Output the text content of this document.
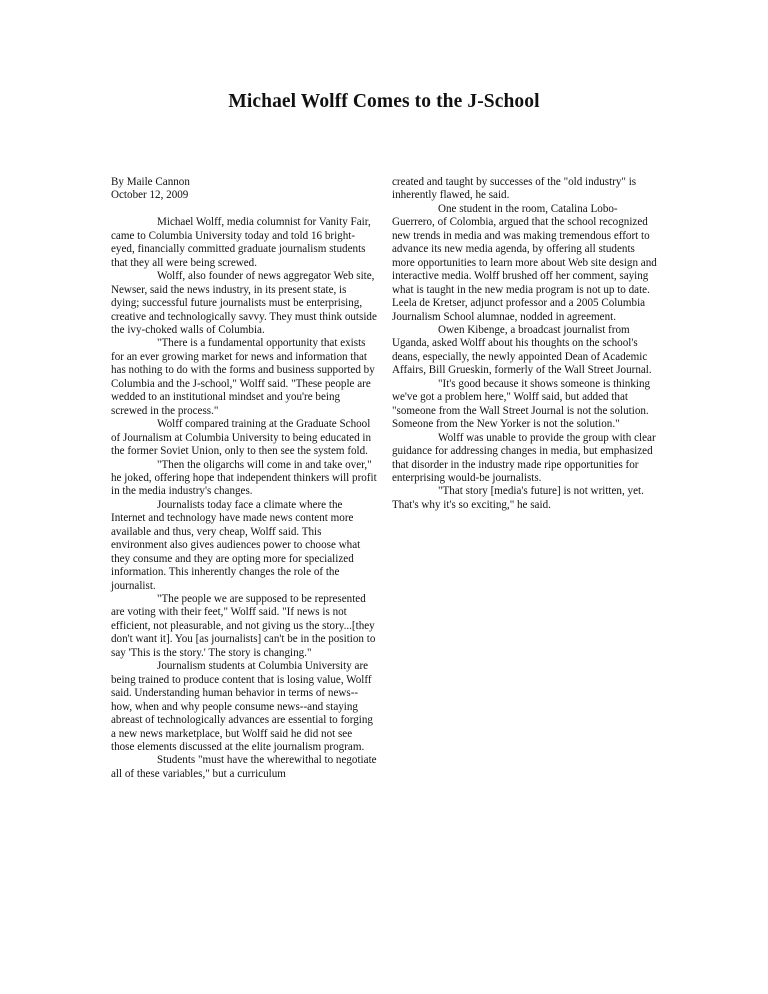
Michael Wolff Comes to the J-School

By Maile Cannon

October 12, 2009

Michael Wolff, media columnist for Vanity Fair, came to Columbia University today and told 16 bright-eyed, financially committed graduate journalism students that they all were being screwed.

Wolff, also founder of news aggregator Web site, Newser, said the news industry, in its present state, is dying; successful future journalists must be enterprising, creative and technologically savvy. They must think outside the ivy-choked walls of Columbia.

"There is a fundamental opportunity that exists for an ever growing market for news and information that has nothing to do with the forms and business supported by Columbia and the J-school," Wolff said. "These people are wedded to an institutional mindset and you're being screwed in the process."

Wolff compared training at the Graduate School of Journalism at Columbia University to being educated in the former Soviet Union, only to then see the system fold.

"Then the oligarchs will come in and take over," he joked, offering hope that independent thinkers will profit in the media industry's changes.

Journalists today face a climate where the Internet and technology have made news content more available and thus, very cheap, Wolff said. This environment also gives audiences power to choose what they consume and they are opting more for specialized information. This inherently changes the role of the journalist.

"The people we are supposed to be represented are voting with their feet," Wolff said. "If news is not efficient, not pleasurable, and not giving us the story...[they don't want it]. You [as journalists] can't be in the position to say 'This is the story.' The story is changing."

Journalism students at Columbia University are being trained to produce content that is losing value, Wolff said. Understanding human behavior in terms of news--how, when and why people consume news--and staying abreast of technologically advances are essential to forging a new news marketplace, but Wolff said he did not see those elements discussed at the elite journalism program.

Students "must have the wherewithal to negotiate all of these variables," but a curriculum

created and taught by successes of the "old industry" is inherently flawed, he said.

One student in the room, Catalina Lobo-Guerrero, of Colombia, argued that the school recognized new trends in media and was making tremendous effort to advance its new media agenda, by offering all students more opportunities to learn more about Web site design and interactive media. Wolff brushed off her comment, saying what is taught in the new media program is not up to date. Leela de Kretser, adjunct professor and a 2005 Columbia Journalism School alumnae, nodded in agreement.

Owen Kibenge, a broadcast journalist from Uganda, asked Wolff about his thoughts on the school's deans, especially, the newly appointed Dean of Academic Affairs, Bill Grueskin, formerly of the Wall Street Journal.

"It's good because it shows someone is thinking we've got a problem here," Wolff said, but added that "someone from the Wall Street Journal is not the solution. Someone from the New Yorker is not the solution."

Wolff was unable to provide the group with clear guidance for addressing changes in media, but emphasized that disorder in the industry made ripe opportunities for enterprising would-be journalists.

"That story [media's future] is not written, yet. That's why it's so exciting," he said.
